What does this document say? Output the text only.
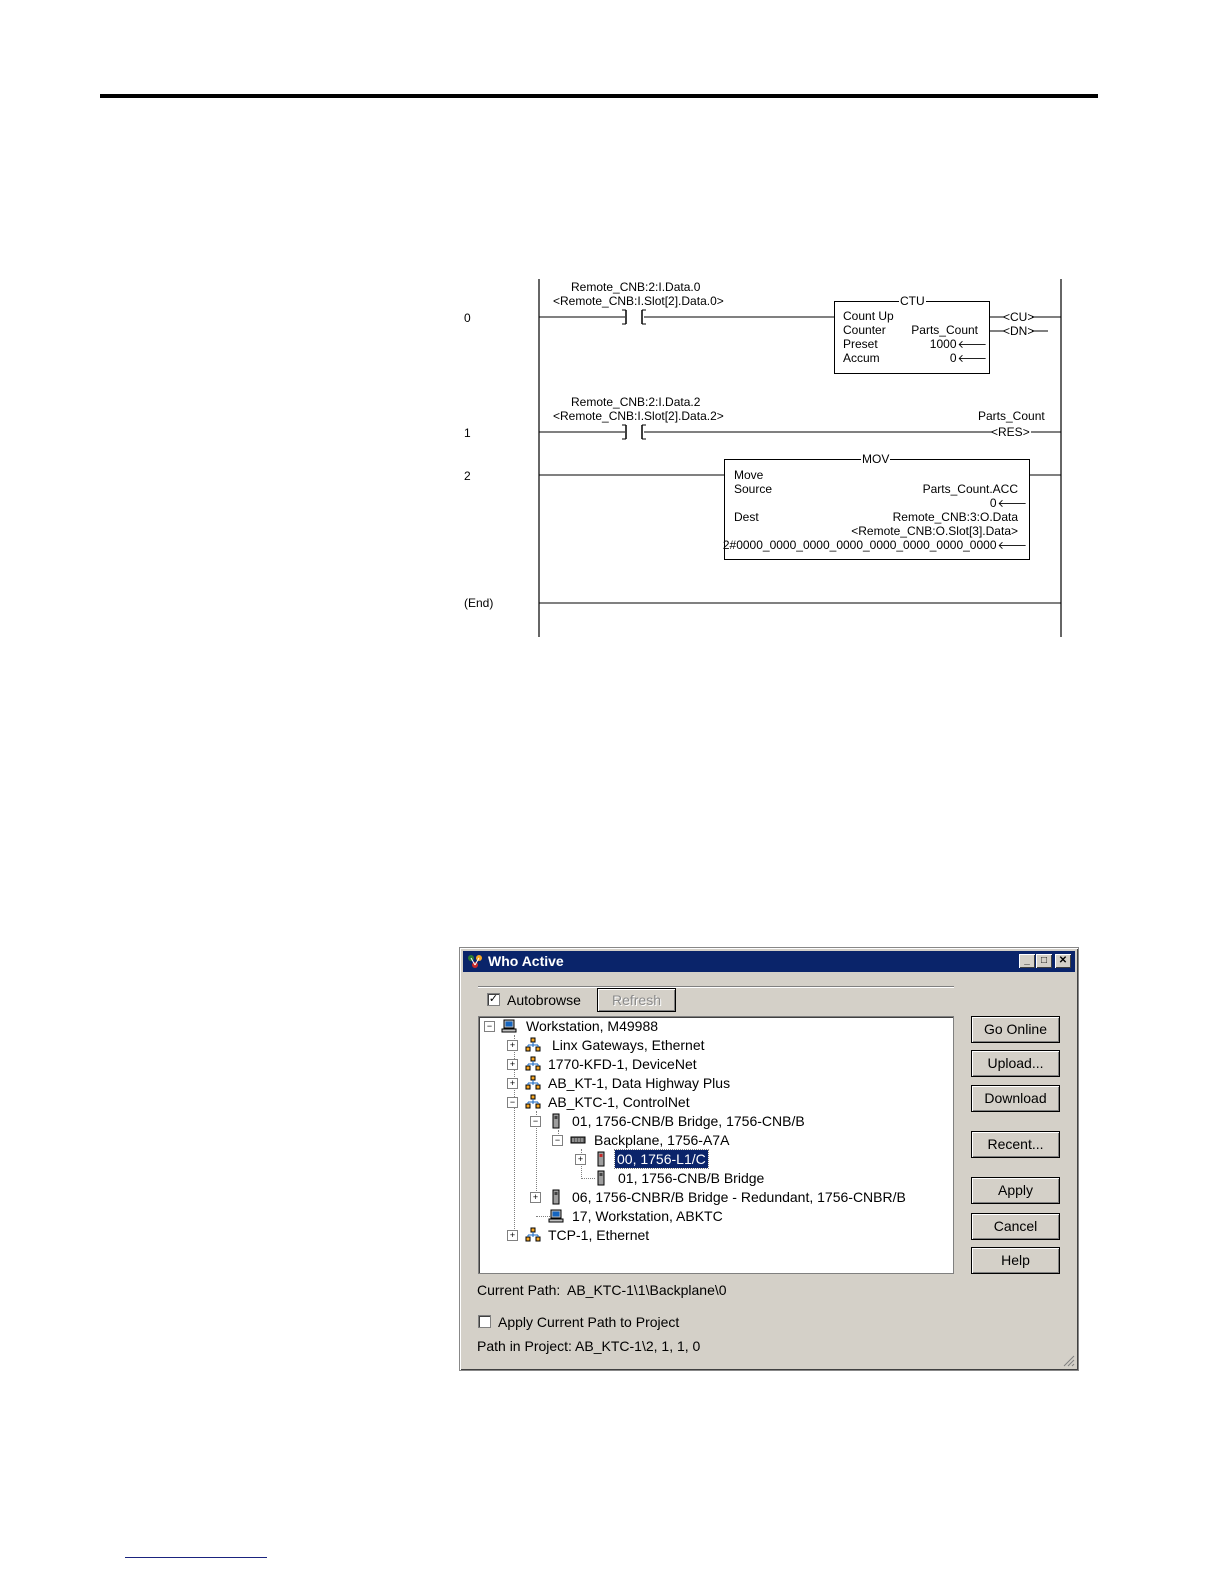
0
Remote_CNB:2:I.Data.0
<Remote_CNB:I.Slot[2].Data.0>	CTU
Count Up
Counter Parts_Count
Preset	1000🡐
Accum	0🡐
<CU>
<DN>
1
Remote_CNB:2:I.Data.2
<Remote_CNB:I.Slot[2].Data.2>	Parts_Count
<RES>
2
MOV
Move
Source	Parts_Count.ACC
0🡐
Dest	Remote_CNB:3:O.Data
<Remote_CNB:O.Slot[3].Data>
2#0000_0000_0000_0000_0000_0000_0000_0000🡐
(End)
Who Active	_	□	✕
✓ Autobrowse	Refresh
− Workstation, M49988
+	Linx Gateways, Ethernet
+ 1770-KFD-1, DeviceNet
+ AB_KT-1, Data Highway Plus
− AB_KTC-1, ControlNet
− 01, 1756-CNB/B Bridge, 1756-CNB/B
− Backplane, 1756-A7A
+ 00, 1756-L1/C
01, 1756-CNB/B Bridge
+ 06, 1756-CNBR/B Bridge - Redundant, 1756-CNBR/B
17, Workstation, ABKTC
+ TCP-1, Ethernet
Go Online
Upload...
Download
Recent...
Apply
Cancel
Help
Current Path: AB_KTC-1\1\Backplane\0
Apply Current Path to Project
Path in Project: AB_KTC-1\2, 1, 1, 0
